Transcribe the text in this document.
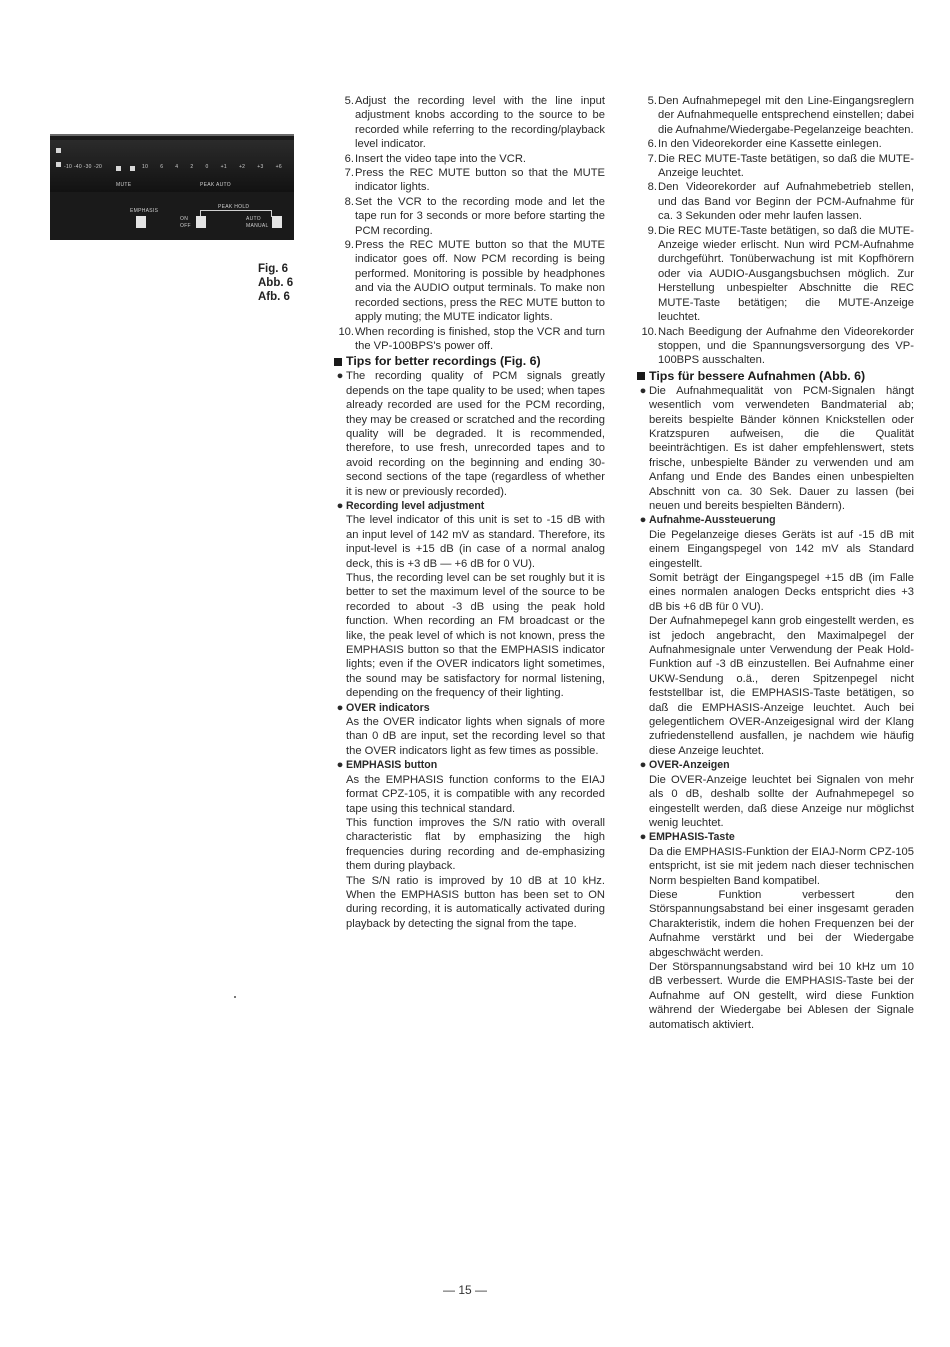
-10 -40 -30 -20	10 6 4 2 0 +1 +2 +3 +6
MUTE	PEAK AUTO
EMPHASIS
PEAK HOLD
ON
OFF
AUTO
MANUAL
Fig. 6
Abb. 6
Afb. 6
5. Adjust the recording level with the line input adjustment knobs according to the source to be recorded while referring to the recording/playback level indicator.
6. Insert the video tape into the VCR.
7. Press the REC MUTE button so that the MUTE indicator lights.
8. Set the VCR to the recording mode and let the tape run for 3 seconds or more before starting the PCM recording.
9. Press the REC MUTE button so that the MUTE indicator goes off. Now PCM recording is being performed. Monitoring is possible by headphones and via the AUDIO output terminals. To make non recorded sections, press the REC MUTE button to apply muting; the MUTE indicator lights.
10. When recording is finished, stop the VCR and turn the VP-100BPS's power off.
Tips for better recordings (Fig. 6)
● The recording quality of PCM signals greatly depends on the tape quality to be used; when tapes already recorded are used for the PCM recording, they may be creased or scratched and the recording quality will be degraded. It is recommended, therefore, to use fresh, unrecorded tapes and to avoid recording on the beginning and ending 30-second sections of the tape (regardless of whether it is new or previously recorded).
● Recording level adjustment
The level indicator of this unit is set to -15 dB with an input level of 142 mV as standard. Therefore, its input-level is +15 dB (in case of a normal analog deck, this is +3 dB — +6 dB for 0 VU).
Thus, the recording level can be set roughly but it is better to set the maximum level of the source to be recorded to about -3 dB using the peak hold function. When recording an FM broadcast or the like, the peak level of which is not known, press the EMPHASIS button so that the EMPHASIS indicator lights; even if the OVER indicators light sometimes, the sound may be satisfactory for normal listening, depending on the frequency of their lighting.
● OVER indicators
As the OVER indicator lights when signals of more than 0 dB are input, set the recording level so that the OVER indicators light as few times as possible.
● EMPHASIS button
As the EMPHASIS function conforms to the EIAJ format CPZ-105, it is compatible with any recorded tape using this technical standard.
This function improves the S/N ratio with overall characteristic flat by emphasizing the high frequencies during recording and de-emphasizing them during playback.
The S/N ratio is improved by 10 dB at 10 kHz. When the EMPHASIS button has been set to ON during recording, it is automatically activated during playback by detecting the signal from the tape.
5. Den Aufnahmepegel mit den Line-Eingangsreglern der Aufnahmequelle entsprechend einstellen; dabei die Aufnahme/Wiedergabe-Pegelanzeige beachten.
6. In den Videorekorder eine Kassette einlegen.
7. Die REC MUTE-Taste betätigen, so daß die MUTE-Anzeige leuchtet.
8. Den Videorekorder auf Aufnahmebetrieb stellen, und das Band vor Beginn der PCM-Aufnahme für ca. 3 Sekunden oder mehr laufen lassen.
9. Die REC MUTE-Taste betätigen, so daß die MUTE-Anzeige wieder erlischt. Nun wird PCM-Aufnahme durchgeführt. Tonüberwachung ist mit Kopfhörern oder via AUDIO-Ausgangsbuchsen möglich. Zur Herstellung unbespielter Abschnitte die REC MUTE-Taste betätigen; die MUTE-Anzeige leuchtet.
10. Nach Beedigung der Aufnahme den Videorekorder stoppen, und die Spannungsversorgung des VP-100BPS ausschalten.
Tips für bessere Aufnahmen (Abb. 6)
● Die Aufnahmequalität von PCM-Signalen hängt wesentlich vom verwendeten Bandmaterial ab; bereits bespielte Bänder können Knickstellen oder Kratzspuren aufweisen, die die Qualität beeinträchtigen. Es ist daher empfehlenswert, stets frische, unbespielte Bänder zu verwenden und am Anfang und Ende des Bandes einen unbespielten Abschnitt von ca. 30 Sek. Dauer zu lassen (bei neuen und bereits bespielten Bändern).
● Aufnahme-Aussteuerung
Die Pegelanzeige dieses Geräts ist auf -15 dB mit einem Eingangspegel von 142 mV als Standard eingestellt.
Somit beträgt der Eingangspegel +15 dB (im Falle eines normalen analogen Decks entspricht dies +3 dB bis +6 dB für 0 VU).
Der Aufnahmepegel kann grob eingestellt werden, es ist jedoch angebracht, den Maximalpegel der Aufnahmesignale unter Verwendung der Peak Hold-Funktion auf -3 dB einzustellen. Bei Aufnahme einer UKW-Sendung o.ä., deren Spitzenpegel nicht feststellbar ist, die EMPHASIS-Taste betätigen, so daß die EMPHASIS-Anzeige leuchtet. Auch bei gelegentlichem OVER-Anzeigesignal wird der Klang zufriedenstellend ausfallen, je nachdem wie häufig diese Anzeige leuchtet.
● OVER-Anzeigen
Die OVER-Anzeige leuchtet bei Signalen von mehr als 0 dB, deshalb sollte der Aufnahmepegel so eingestellt werden, daß diese Anzeige nur möglichst wenig leuchtet.
● EMPHASIS-Taste
Da die EMPHASIS-Funktion der EIAJ-Norm CPZ-105 entspricht, ist sie mit jedem nach dieser technischen Norm bespielten Band kompatibel.
Diese Funktion verbessert den Störspannungsabstand bei einer insgesamt geraden Charakteristik, indem die hohen Frequenzen bei der Aufnahme verstärkt und bei der Wiedergabe abgeschwächt werden.
Der Störspannungsabstand wird bei 10 kHz um 10 dB verbessert. Wurde die EMPHASIS-Taste bei der Aufnahme auf ON gestellt, wird diese Funktion während der Wiedergabe bei Ablesen der Signale automatisch aktiviert.
— 15 —
